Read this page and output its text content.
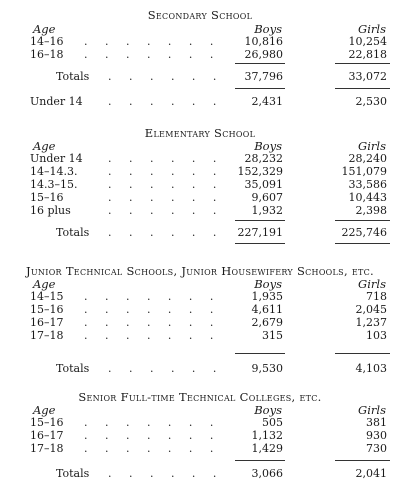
Secondary School
Age	Boys	Girls
14–16 .     .     .     .     .     .     .	10,816	10,254
16–18 .     .     .     .     .     .     .	26,980	22,818
Totals .     .     .     .     .     .	37,796	33,072
Under 14 .     .     .     .     .     .	2,431	2,530
Elementary School
Age	Boys	Girls
Under 14 .     .     .     .     .     .	28,232	28,240
14–14.3.	.     .     .     .     .     . 152,329	151,079
14.3–15.	.     .     .     .     .     .	35,091	33,586
15–16	.     .     .     .     .     .	9,607	10,443
16 plus	.     .     .     .     .     .	1,932	2,398
Totals .     .     .     .     .     . 227,191	225,746
Junior Technical Schools, Junior Housewifery Schools, etc.
Age	Boys	Girls
14–15 .     .     .     .     .     .     .	1,935	718
15–16 .     .     .     .     .     .     .	4,611	2,045
16–17 .     .     .     .     .     .     .	2,679	1,237
17–18 .     .     .     .     .     .     .	315	103
Totals .     .     .     .     .     .	9,530	4,103
Senior Full-time Technical Colleges, etc.
Age	Boys	Girls
15–16 .     .     .     .     .     .     .	505	381
16–17 .     .     .     .     .     .     .	1,132	930
17–18 .     .     .     .     .     .     .	1,429	730
Totals .     .     .     .     .     .	3,066	2,041
